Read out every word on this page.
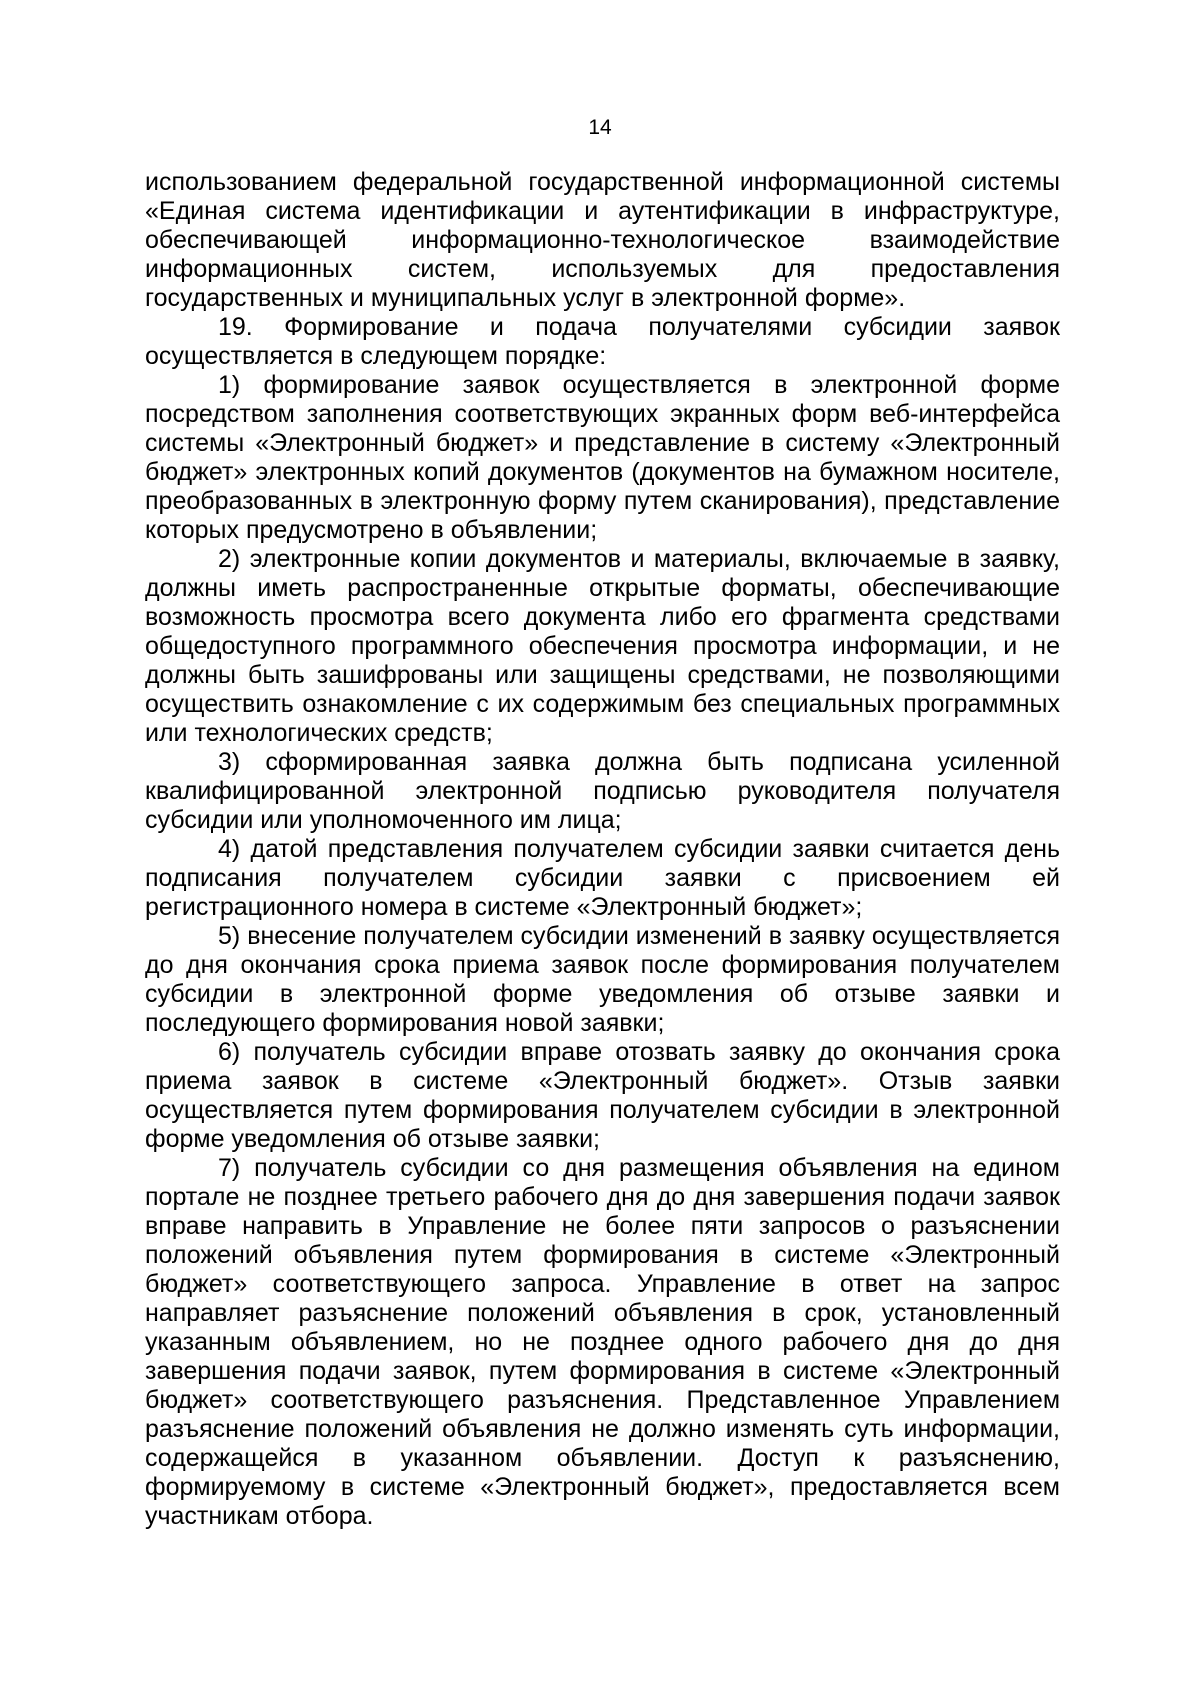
14

использованием федеральной государственной информационной системы «Единая система идентификации и аутентификации в инфраструктуре, обеспечивающей информационно-технологическое взаимодействие информационных систем, используемых для предоставления государственных и муниципальных услуг в электронной форме».

19. Формирование и подача получателями субсидии заявок осуществляется в следующем порядке:

1) формирование заявок осуществляется в электронной форме посредством заполнения соответствующих экранных форм веб-интерфейса системы «Электронный бюджет» и представление в систему «Электронный бюджет» электронных копий документов (документов на бумажном носителе, преобразованных в электронную форму путем сканирования), представление которых предусмотрено в объявлении;

2) электронные копии документов и материалы, включаемые в заявку, должны иметь распространенные открытые форматы, обеспечивающие возможность просмотра всего документа либо его фрагмента средствами общедоступного программного обеспечения просмотра информации, и не должны быть зашифрованы или защищены средствами, не позволяющими осуществить ознакомление с их содержимым без специальных программных или технологических средств;

3) сформированная заявка должна быть подписана усиленной квалифицированной электронной подписью руководителя получателя субсидии или уполномоченного им лица;

4) датой представления получателем субсидии заявки считается день подписания получателем субсидии заявки с присвоением ей регистрационного номера в системе «Электронный бюджет»;

5) внесение получателем субсидии изменений в заявку осуществляется до дня окончания срока приема заявок после формирования получателем субсидии в электронной форме уведомления об отзыве заявки и последующего формирования новой заявки;

6) получатель субсидии вправе отозвать заявку до окончания срока приема заявок в системе «Электронный бюджет». Отзыв заявки осуществляется путем формирования получателем субсидии в электронной форме уведомления об отзыве заявки;

7) получатель субсидии со дня размещения объявления на едином портале не позднее третьего рабочего дня до дня завершения подачи заявок вправе направить в Управление не более пяти запросов о разъяснении положений объявления путем формирования в системе «Электронный бюджет» соответствующего запроса. Управление в ответ на запрос направляет разъяснение положений объявления в срок, установленный указанным объявлением, но не позднее одного рабочего дня до дня завершения подачи заявок, путем формирования в системе «Электронный бюджет» соответствующего разъяснения. Представленное Управлением разъяснение положений объявления не должно изменять суть информации, содержащейся в указанном объявлении. Доступ к разъяснению, формируемому в системе «Электронный бюджет», предоставляется всем участникам отбора.
